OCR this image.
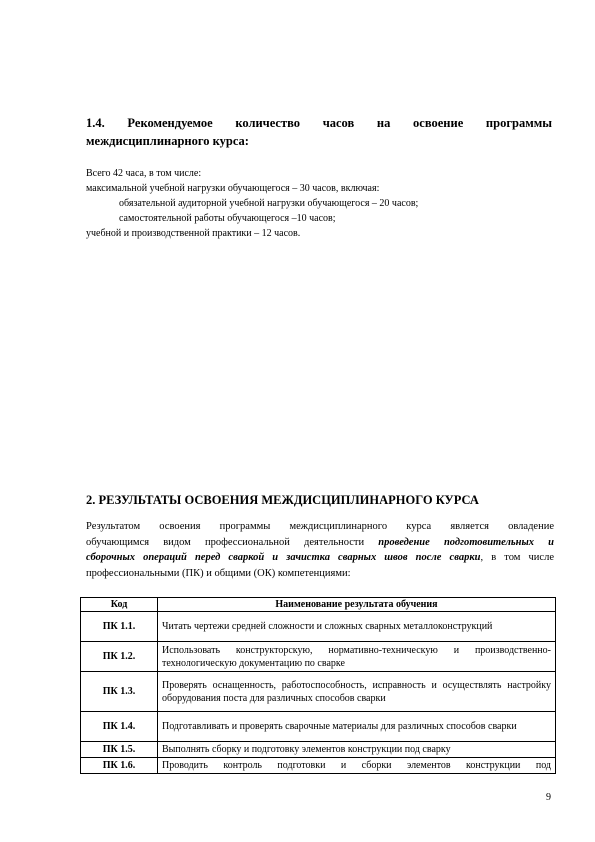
1.4. Рекомендуемое количество часов на освоение программы
междисциплинарного курса:
Всего 42 часа, в том числе:
максимальной учебной нагрузки обучающегося – 30 часов, включая:
обязательной аудиторной учебной нагрузки обучающегося – 20 часов;
самостоятельной работы обучающегося –10 часов;
учебной и производственной практики – 12 часов.
2. РЕЗУЛЬТАТЫ ОСВОЕНИЯ МЕЖДИСЦИПЛИНАРНОГО КУРСА
Результатом освоения программы междисциплинарного курса является овладение
обучающимся видом профессиональной деятельности проведение подготовительных и
сборочных операций перед сваркой и зачистка сварных швов после сварки, в том числе
профессиональными (ПК) и общими (ОК) компетенциями:
Код	Наименование результата обучения
ПК 1.1.	Читать чертежи средней сложности и сложных сварных металлоконструкций
ПК 1.2.	Использовать конструкторскую, нормативно-техническую и производственно-технологическую документацию по сварке
ПК 1.3.	Проверять оснащенность, работоспособность, исправность и осуществлять настройку оборудования поста для различных способов сварки
ПК 1.4.	Подготавливать и проверять сварочные материалы для различных способов сварки
ПК 1.5.	Выполнять сборку и подготовку элементов конструкции под сварку
ПК 1.6.	Проводить контроль подготовки и сборки элементов конструкции под
9
